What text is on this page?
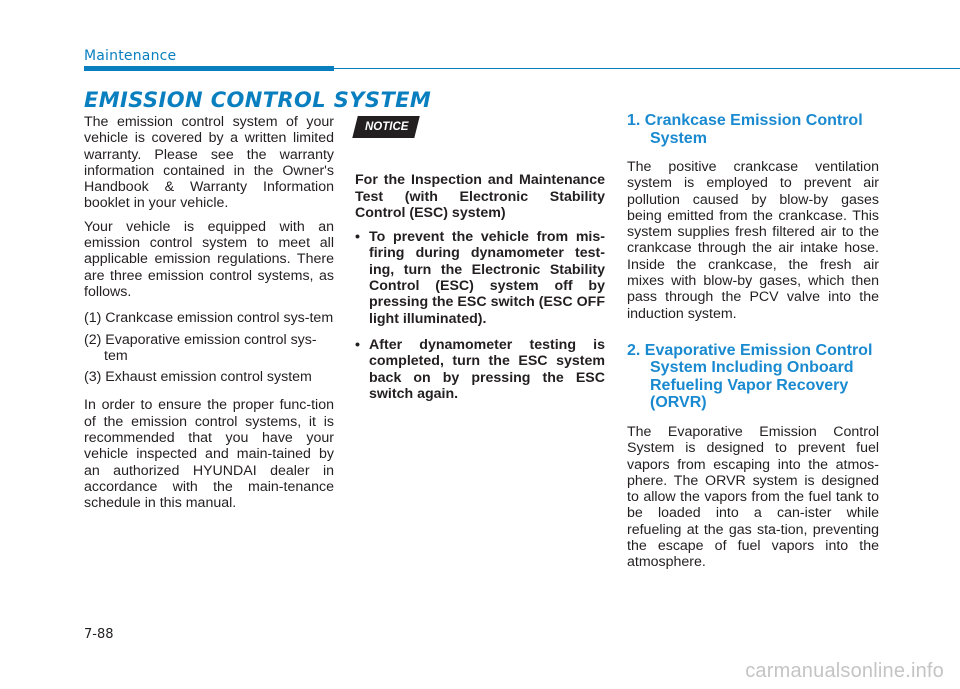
Maintenance
EMISSION CONTROL SYSTEM

The emission control system of your vehicle is covered by a written limited warranty. Please see the warranty information contained in the Owner's Handbook & Warranty Information booklet in your vehicle.

Your vehicle is equipped with an emission control system to meet all applicable emission regulations. There are three emission control systems, as follows.

(1) Crankcase emission control sys-tem
(2) Evaporative emission control sys-tem
(3) Exhaust emission control system

In order to ensure the proper func-tion of the emission control systems, it is recommended that you have your vehicle inspected and main-tained by an authorized HYUNDAI dealer in accordance with the main-tenance schedule in this manual.

NOTICE

For the Inspection and Maintenance Test (with Electronic Stability Control (ESC) system)

• To prevent the vehicle from mis-firing during dynamometer test-ing, turn the Electronic Stability Control (ESC) system off by pressing the ESC switch (ESC OFF light illuminated).
• After dynamometer testing is completed, turn the ESC system back on by pressing the ESC switch again.
1. Crankcase Emission Control System

The positive crankcase ventilation system is employed to prevent air pollution caused by blow-by gases being emitted from the crankcase. This system supplies fresh filtered air to the crankcase through the air intake hose. Inside the crankcase, the fresh air mixes with blow-by gases, which then pass through the PCV valve into the induction system.

2. Evaporative Emission Control System Including Onboard Refueling Vapor Recovery (ORVR)

The Evaporative Emission Control System is designed to prevent fuel vapors from escaping into the atmos-phere. The ORVR system is designed to allow the vapors from the fuel tank to be loaded into a can-ister while refueling at the gas sta-tion, preventing the escape of fuel vapors into the atmosphere.

7-88
carmanualsonline.info
